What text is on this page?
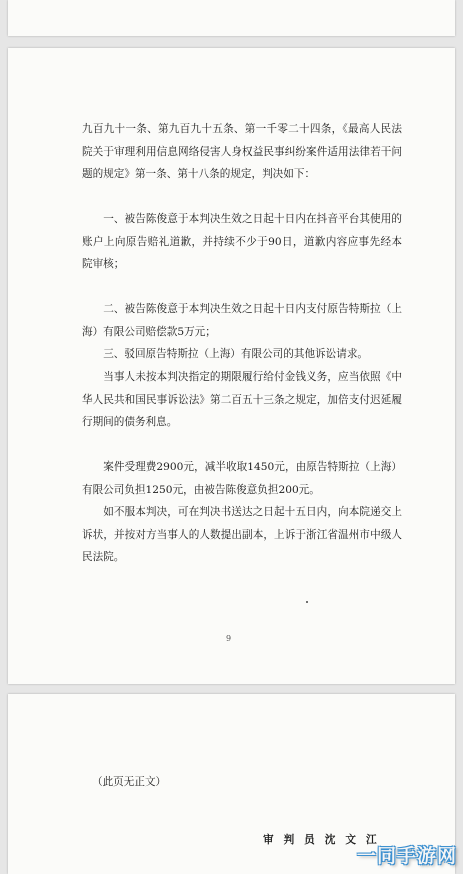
九百九十一条、第九百九十五条、第一千零二十四条，《最高人民法院关于审理利用信息网络侵害人身权益民事纠纷案件适用法律若干问题的规定》第一条、第十八条的规定，判决如下：
一、被告陈俊意于本判决生效之日起十日内在抖音平台其使用的账户上向原告赔礼道歉，并持续不少于90日，道歉内容应事先经本院审核；
二、被告陈俊意于本判决生效之日起十日内支付原告特斯拉（上海）有限公司赔偿款5万元；
三、驳回原告特斯拉（上海）有限公司的其他诉讼请求。
当事人未按本判决指定的期限履行给付金钱义务，应当依照《中华人民共和国民事诉讼法》第二百五十三条之规定，加倍支付迟延履行期间的债务利息。
案件受理费2900元，减半收取1450元，由原告特斯拉（上海）有限公司负担1250元，由被告陈俊意负担200元。
如不服本判决，可在判决书送达之日起十五日内，向本院递交上诉状，并按对方当事人的人数提出副本，上诉于浙江省温州市中级人民法院。
9
（此页无正文）
审判员沈文江
一同手游网
